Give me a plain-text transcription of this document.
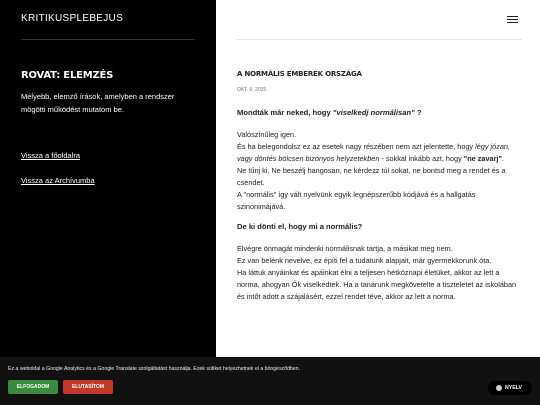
KRITIKUSPLEBEJUS
ROVAT: ELEMZÉS
Mélyebb, elemző írások, amelyben a rendszer mögötti működést mutatom be.
Vissza a főoldalra
Vissza az Archívumba
A NORMÁLIS EMBEREK ORSZÁGA
OKT. 6, 2025

Mondták már neked, hogy "viselkedj normálisan" ?

Valószínűleg igen.
És ha belegondolsz ez az esetek nagy részében nem azt jelentette, hogy légy józan, vagy döntés bölcsen bizonyos helyzetekben - sokkal inkább azt, hogy "ne zavarj".
Ne tűnj ki. Ne beszélj hangosan, ne kérdezz túl sokat, ne bontsd meg a rendet és a csendet.
A "normális" így vált nyelvünk egyik legnépszerűbb kódjává és a hallgatás szinonimájává.

De ki dönti el, hogy mi a normális?

Elvégre önmagát mindenki normálisnak tartja, a másikat meg nem.
Ez van belénk nevelve, ez építi fel a tudatunk alapjait, már gyermekkorunk óta.
Ha láttuk anyáinkat és apáinkat élni a teljesen hétköznapi életüket, akkor az lett a norma, ahogyan Ők viselkedtek. Ha a tanárunk megkövetelte a tiszteletet az iskolában és intőt adott a szájalásért, ezzel rendet téve, akkor az lett a norma.

Ez a weboldal a Google Analytics és a Google Translate szolgáltatást használja. Ezek sütiket helyezhetnek el a böngésződben.
ELFOGADOM	ELUTASÍTOM	NYELV
